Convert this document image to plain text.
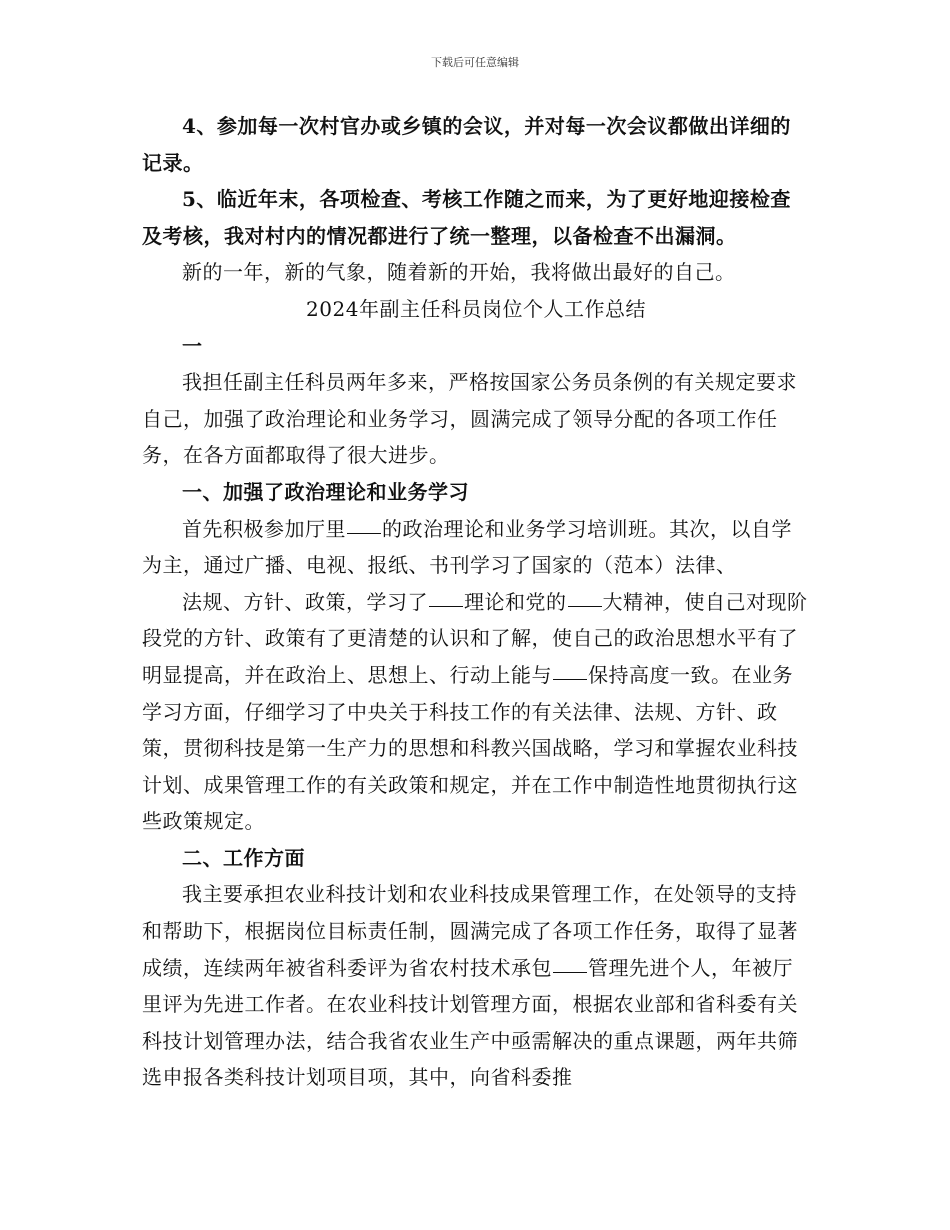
下载后可任意编辑

4、参加每一次村官办或乡镇的会议，并对每一次会议都做出详细的记录。

5、临近年末，各项检查、考核工作随之而来，为了更好地迎接检查及考核，我对村内的情况都进行了统一整理，以备检查不出漏洞。

新的一年，新的气象，随着新的开始，我将做出最好的自己。

2024年副主任科员岗位个人工作总结

一

我担任副主任科员两年多来，严格按国家公务员条例的有关规定要求自己，加强了政治理论和业务学习，圆满完成了领导分配的各项工作任务，在各方面都取得了很大进步。

一、加强了政治理论和业务学习

首先积极参加厅里 的政治理论和业务学习培训班。其次，以自学为主，通过广播、电视、报纸、书刊学习了国家的（范本）法律、

法规、方针、政策，学习了 理论和党的 大精神，使自己对现阶段党的方针、政策有了更清楚的认识和了解，使自己的政治思想水平有了明显提高，并在政治上、思想上、行动上能与 保持高度一致。在业务学习方面，仔细学习了中央关于科技工作的有关法律、法规、方针、政策，贯彻科技是第一生产力的思想和科教兴国战略，学习和掌握农业科技计划、成果管理工作的有关政策和规定，并在工作中制造性地贯彻执行这些政策规定。

二、工作方面

我主要承担农业科技计划和农业科技成果管理工作，在处领导的支持和帮助下，根据岗位目标责任制，圆满完成了各项工作任务，取得了显著成绩，连续两年被省科委评为省农村技术承包 管理先进个人，年被厅里评为先进工作者。在农业科技计划管理方面，根据农业部和省科委有关科技计划管理办法，结合我省农业生产中亟需解决的重点课题，两年共筛选申报各类科技计划项目项，其中，向省科委推
